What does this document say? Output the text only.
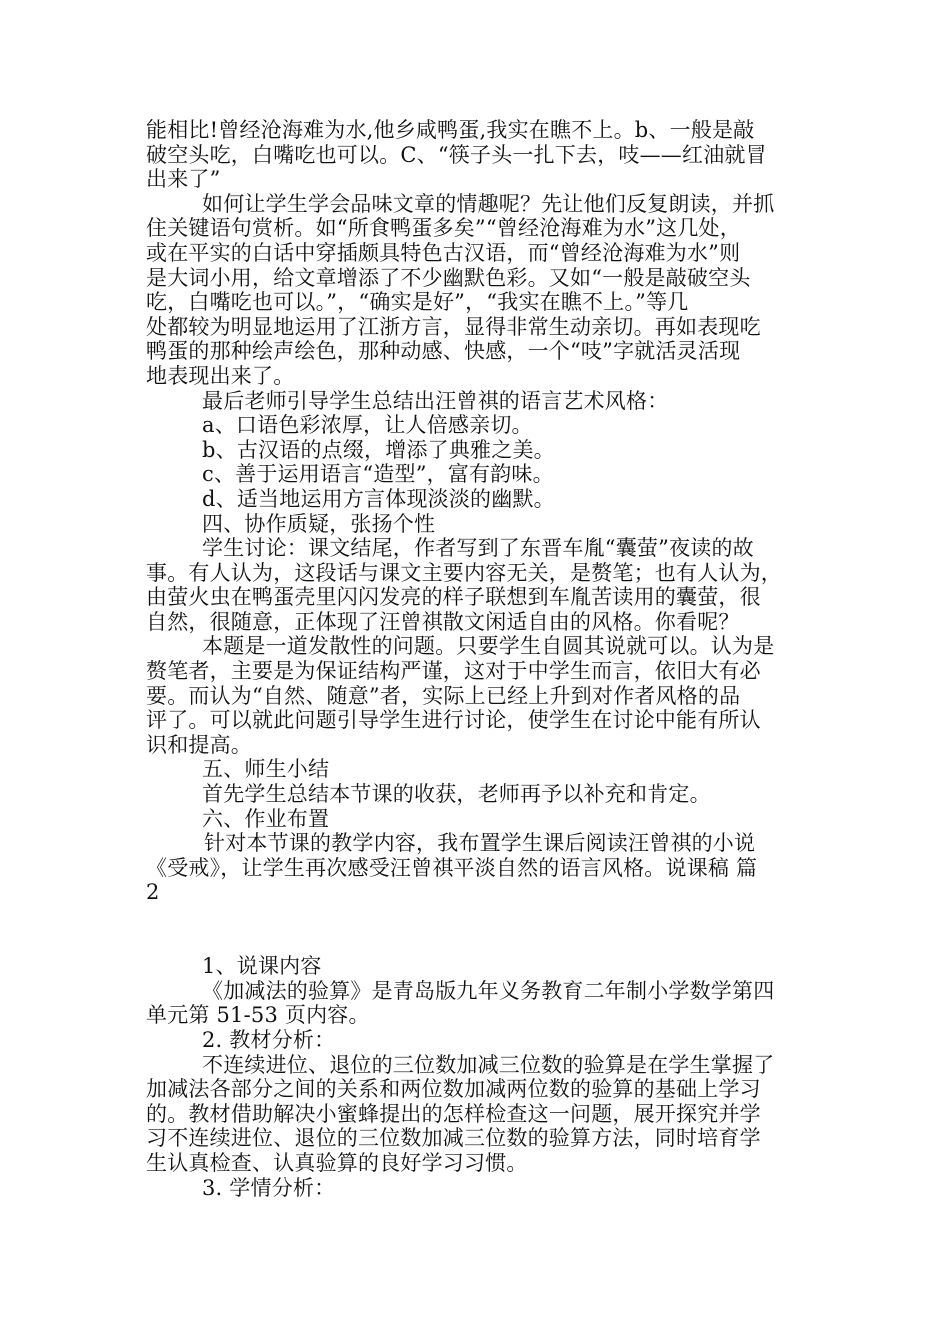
能相比!曾经沧海难为水,他乡咸鸭蛋,我实在瞧不上。b、一般是敲
破空头吃，白嘴吃也可以。C、“筷子头一扎下去，吱——红油就冒
出来了”
如何让学生学会品味文章的情趣呢？先让他们反复朗读，并抓
住关键语句赏析。如“所食鸭蛋多矣”“曾经沧海难为水”这几处，
或在平实的白话中穿插颇具特色古汉语，而“曾经沧海难为水”则
是大词小用，给文章增添了不少幽默色彩。又如“一般是敲破空头
吃，白嘴吃也可以。”，“确实是好”，“我实在瞧不上。”等几
处都较为明显地运用了江浙方言，显得非常生动亲切。再如表现吃
鸭蛋的那种绘声绘色，那种动感、快感，一个“吱”字就活灵活现
地表现出来了。
最后老师引导学生总结出汪曾祺的语言艺术风格：
a、口语色彩浓厚，让人倍感亲切。
b、古汉语的点缀，增添了典雅之美。
c、善于运用语言“造型”，富有韵味。
d、适当地运用方言体现淡淡的幽默。
四、协作质疑，张扬个性
学生讨论：课文结尾，作者写到了东晋车胤“囊萤”夜读的故
事。有人认为，这段话与课文主要内容无关，是赘笔；也有人认为，
由萤火虫在鸭蛋壳里闪闪发亮的样子联想到车胤苦读用的囊萤，很
自然，很随意，正体现了汪曾祺散文闲适自由的风格。你看呢？
本题是一道发散性的问题。只要学生自圆其说就可以。认为是
赘笔者，主要是为保证结构严谨，这对于中学生而言，依旧大有必
要。而认为“自然、随意”者，实际上已经上升到对作者风格的品
评了。可以就此问题引导学生进行讨论，使学生在讨论中能有所认
识和提高。
五、师生小结
首先学生总结本节课的收获，老师再予以补充和肯定。
六、作业布置
针对本节课的教学内容，我布置学生课后阅读汪曾祺的小说
《受戒》，让学生再次感受汪曾祺平淡自然的语言风格。说课稿 篇
2
1、说课内容
《加减法的验算》是青岛版九年义务教育二年制小学数学第四
单元第 51-53 页内容。
2. 教材分析：
不连续进位、退位的三位数加减三位数的验算是在学生掌握了
加减法各部分之间的关系和两位数加减两位数的验算的基础上学习
的。教材借助解决小蜜蜂提出的怎样检查这一问题，展开探究并学
习不连续进位、退位的三位数加减三位数的验算方法，同时培育学
生认真检查、认真验算的良好学习习惯。
3. 学情分析：
